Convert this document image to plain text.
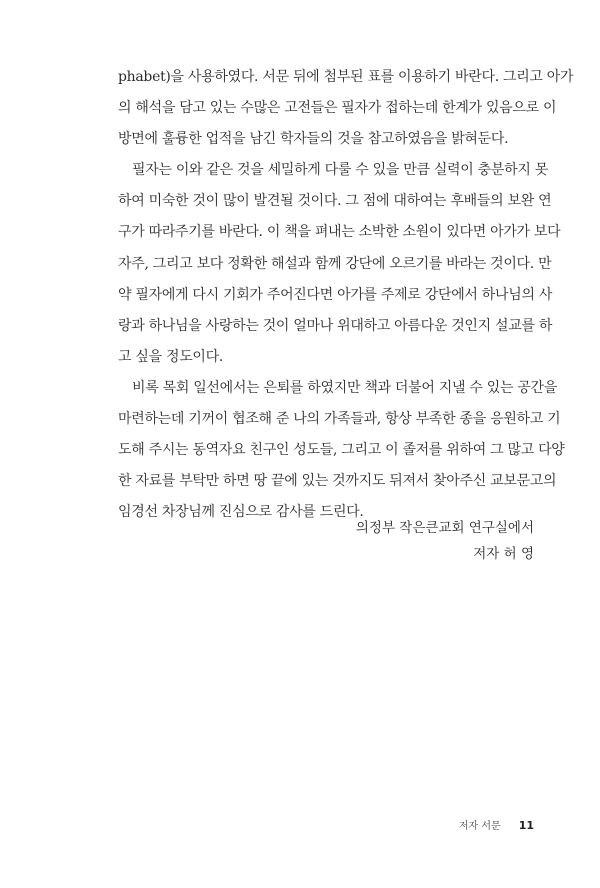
phabet)을 사용하였다. 서문 뒤에 첨부된 표를 이용하기 바란다. 그리고 아가
의 해석을 담고 있는 수많은 고전들은 필자가 접하는데 한계가 있음으로 이
방면에 훌륭한 업적을 남긴 학자들의 것을 참고하였음을 밝혀둔다.
필자는 이와 같은 것을 세밀하게 다룰 수 있을 만큼 실력이 충분하지 못
하여 미숙한 것이 많이 발견될 것이다. 그 점에 대하여는 후배들의 보완 연
구가 따라주기를 바란다. 이 책을 펴내는 소박한 소원이 있다면 아가가 보다
자주, 그리고 보다 정확한 해설과 함께 강단에 오르기를 바라는 것이다. 만
약 필자에게 다시 기회가 주어진다면 아가를 주제로 강단에서 하나님의 사
랑과 하나님을 사랑하는 것이 얼마나 위대하고 아름다운 것인지 설교를 하
고 싶을 정도이다.
비록 목회 일선에서는 은퇴를 하였지만 책과 더불어 지낼 수 있는 공간을
마련하는데 기꺼이 협조해 준 나의 가족들과, 항상 부족한 종을 응원하고 기
도해 주시는 동역자요 친구인 성도들, 그리고 이 졸저를 위하여 그 많고 다양
한 자료를 부탁만 하면 땅 끝에 있는 것까지도 뒤져서 찾아주신 교보문고의
임경선 차장님께 진심으로 감사를 드린다.
의정부 작은큰교회 연구실에서
저자 허 영
저자 서문 11
